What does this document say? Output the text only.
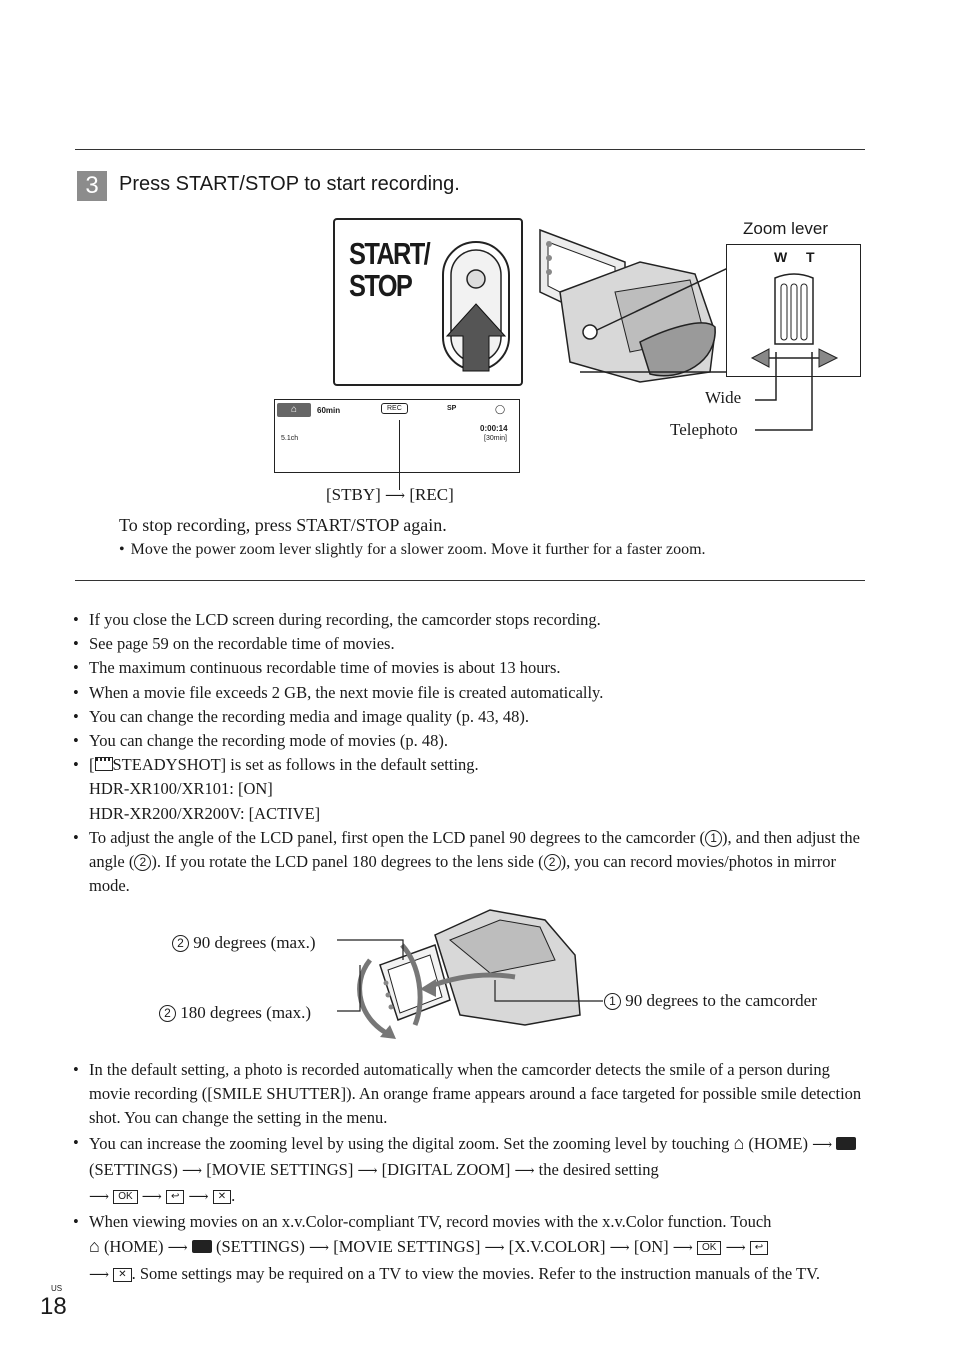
3	Press START/STOP to start recording.
START/
STOP
Zoom lever
W T
Wide
Telephoto
⌂	60min	REC	SP	◯
0:00:14
[30min]
5.1ch
[STBY] ⟶ [REC]
To stop recording, press START/STOP again.
• Move the power zoom lever slightly for a slower zoom. Move it further for a faster zoom.
• If you close the LCD screen during recording, the camcorder stops recording.
• See page 59 on the recordable time of movies.
• The maximum continuous recordable time of movies is about 13 hours.
• When a movie file exceeds 2 GB, the next movie file is created automatically.
• You can change the recording media and image quality (p. 43, 48).
• You can change the recording mode of movies (p. 48).
• [ STEADYSHOT] is set as follows in the default setting.
HDR-XR100/XR101: [ON]
HDR-XR200/XR200V: [ACTIVE]
• To adjust the angle of the LCD panel, first open the LCD panel 90 degrees to the camcorder ( 1 ), and then adjust the angle ( 2 ). If you rotate the LCD panel 180 degrees to the lens side ( 2 ), you can record movies/photos in mirror mode.
2 90 degrees (max.)
2 180 degrees (max.)
1 90 degrees to the camcorder
• In the default setting, a photo is recorded automatically when the camcorder detects the smile of a person during movie recording ([SMILE SHUTTER]). An orange frame appears around a face targeted for possible smile detection shot. You can change the setting in the menu.
• You can increase the zooming level by using the digital zoom. Set the zooming level by touching ⌂ (HOME) ⟶  (SETTINGS) ⟶ [MOVIE SETTINGS] ⟶ [DIGITAL ZOOM] ⟶ the desired setting
⟶ OK ⟶ ↩ ⟶ ✕ .
• When viewing movies on an x.v.Color-compliant TV, record movies with the x.v.Color function. Touch
⌂ (HOME) ⟶ (SETTINGS) ⟶ [MOVIE SETTINGS] ⟶ [X.V.COLOR] ⟶ [ON] ⟶ OK ⟶ ↩
⟶ ✕ . Some settings may be required on a TV to view the movies. Refer to the instruction manuals of the TV.
US
18
